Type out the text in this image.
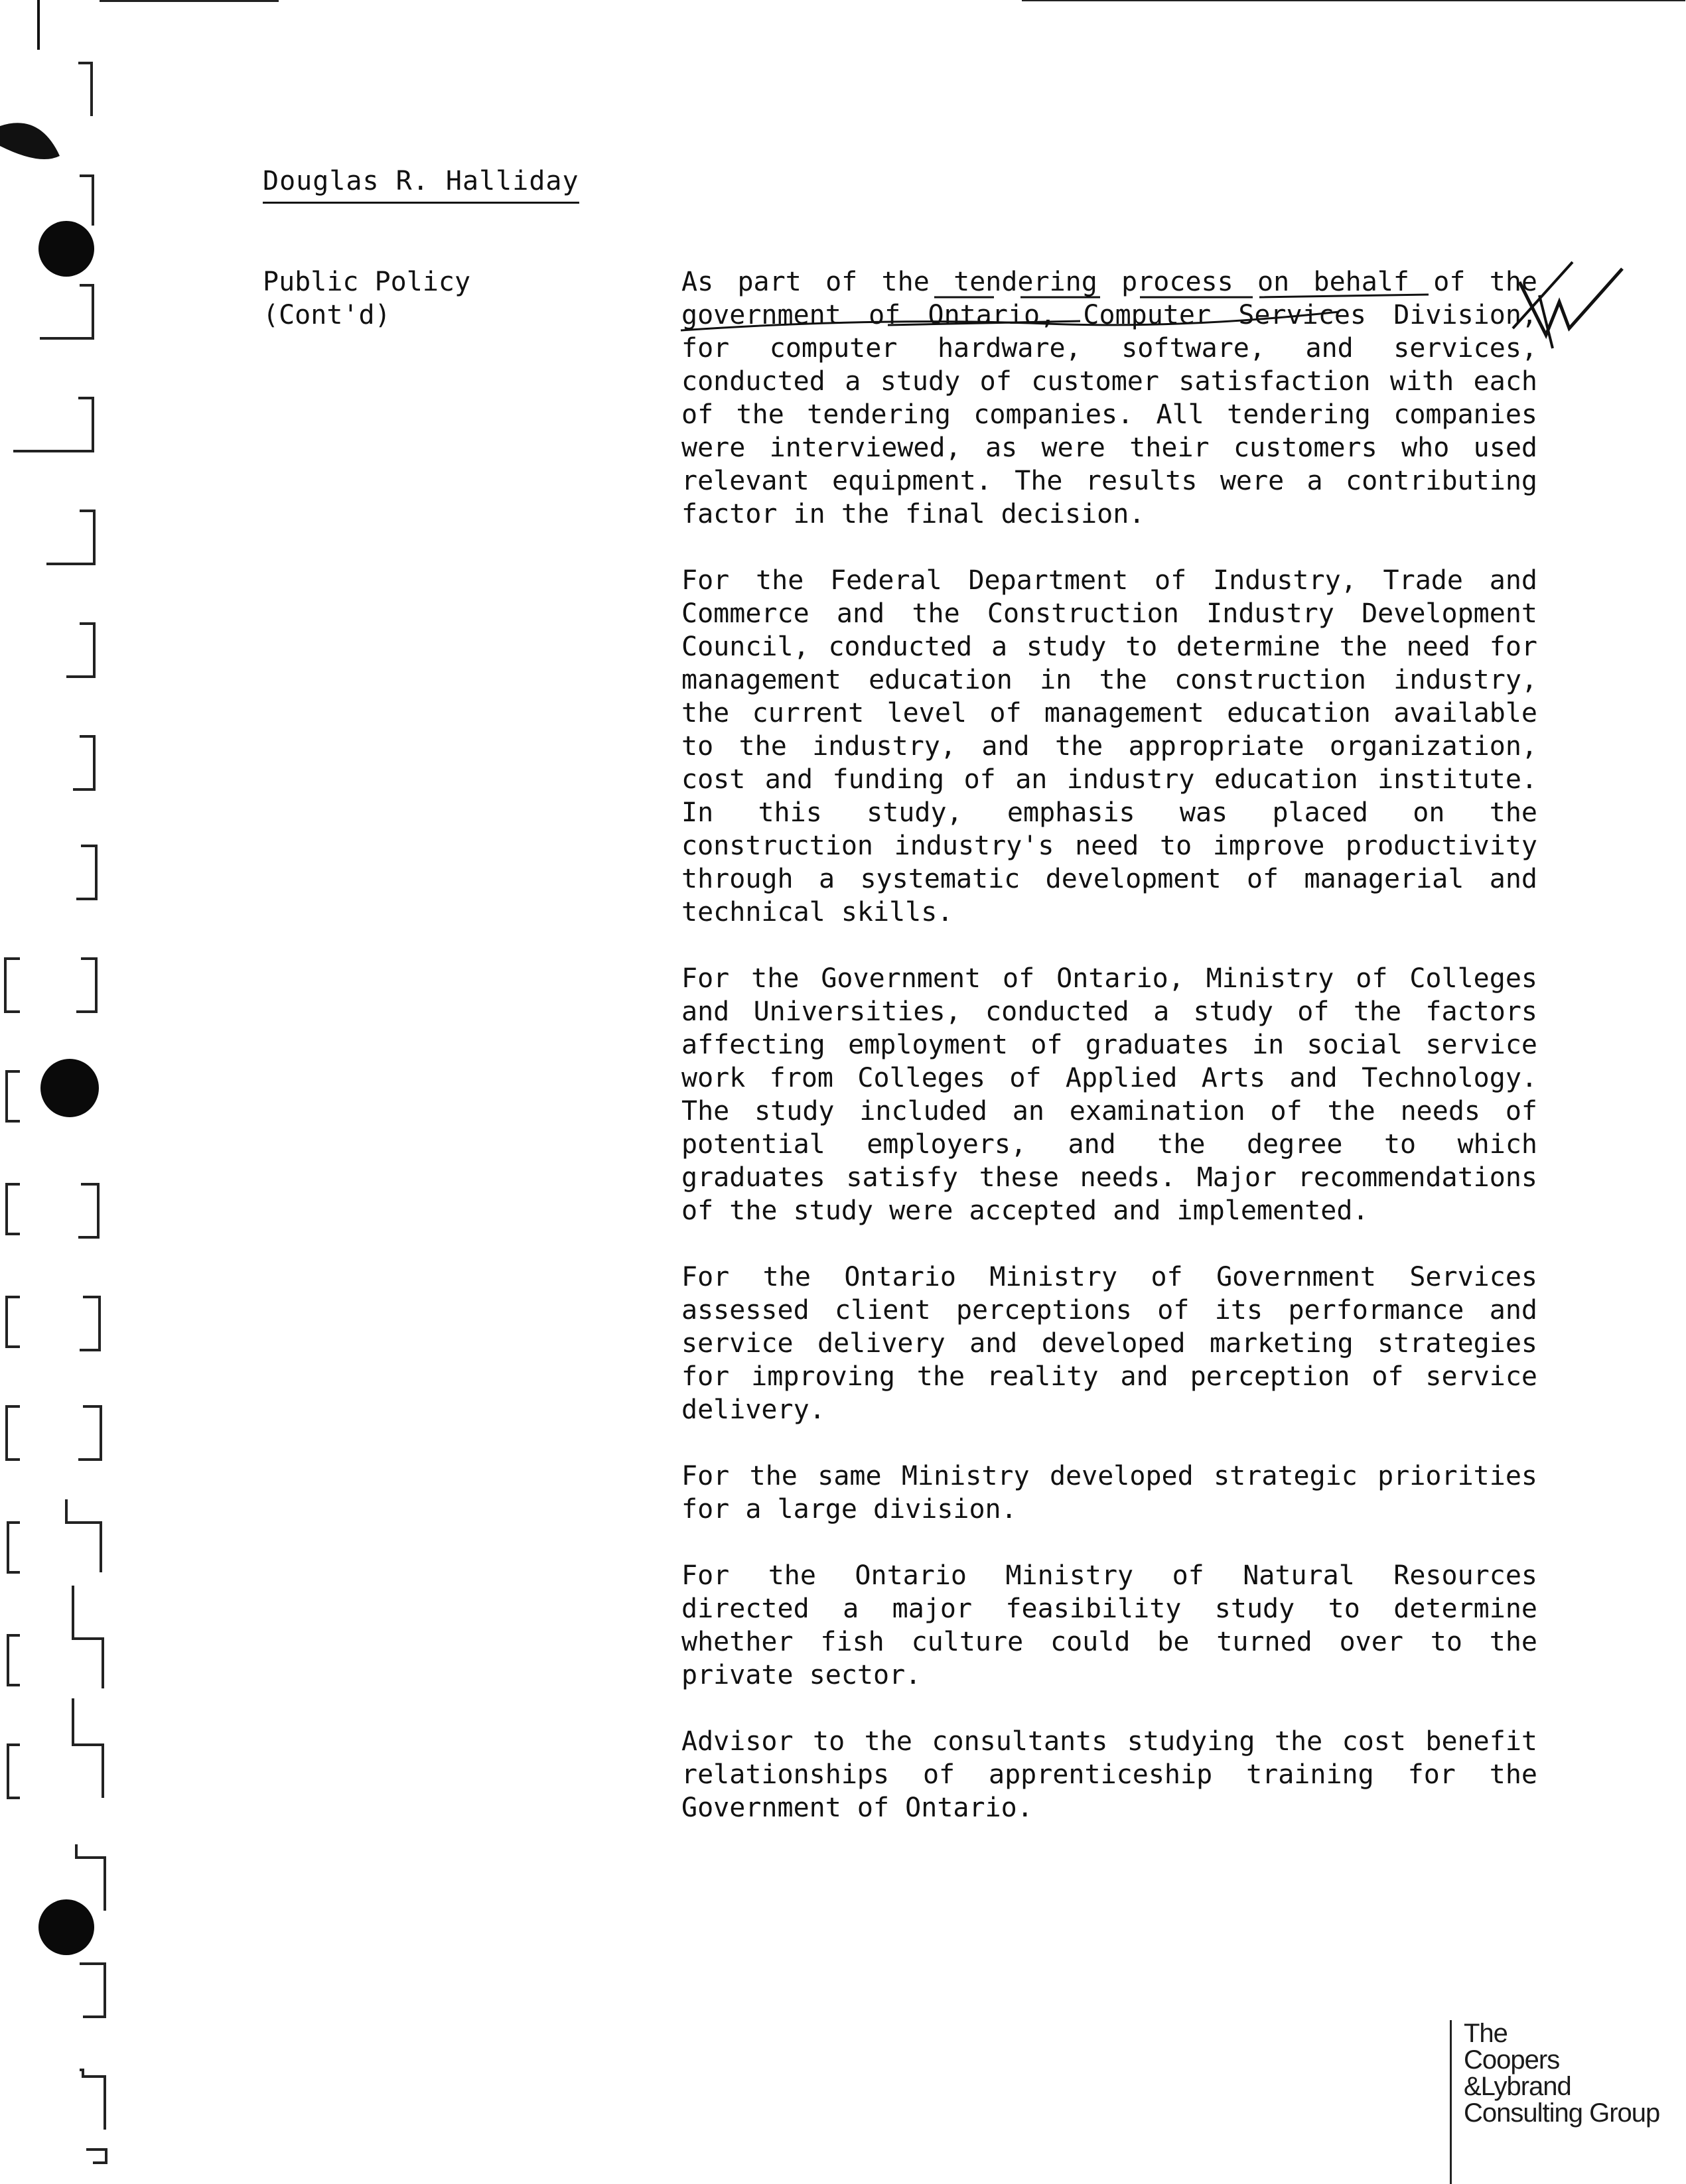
Douglas R. Halliday
Public Policy
(Cont'd)

As part of the tendering process on behalf of the government of Ontario, Computer Services Division, for computer hardware, software, and services, conducted a study of customer satisfaction with each of the tendering companies. All tendering companies were interviewed, as were their customers who used relevant equipment. The results were a contributing factor in the final decision.

For the Federal Department of Industry, Trade and Commerce and the Construction Industry Development Council, conducted a study to determine the need for management education in the construction industry, the current level of management education available to the industry, and the appropriate organization, cost and funding of an industry education institute. In this study, emphasis was placed on the construction industry's need to improve productivity through a systematic development of managerial and technical skills.

For the Government of Ontario, Ministry of Colleges and Universities, conducted a study of the factors affecting employment of graduates in social service work from Colleges of Applied Arts and Technology. The study included an examination of the needs of potential employers, and the degree to which graduates satisfy these needs. Major recommendations of the study were accepted and implemented.

For the Ontario Ministry of Government Services assessed client perceptions of its performance and service delivery and developed marketing strategies for improving the reality and perception of service delivery.

For the same Ministry developed strategic priorities for a large division.

For the Ontario Ministry of Natural Resources directed a major feasibility study to determine whether fish culture could be turned over to the private sector.

Advisor to the consultants studying the cost benefit relationships of apprenticeship training for the Government of Ontario.

The
Coopers
&Lybrand
Consulting Group
